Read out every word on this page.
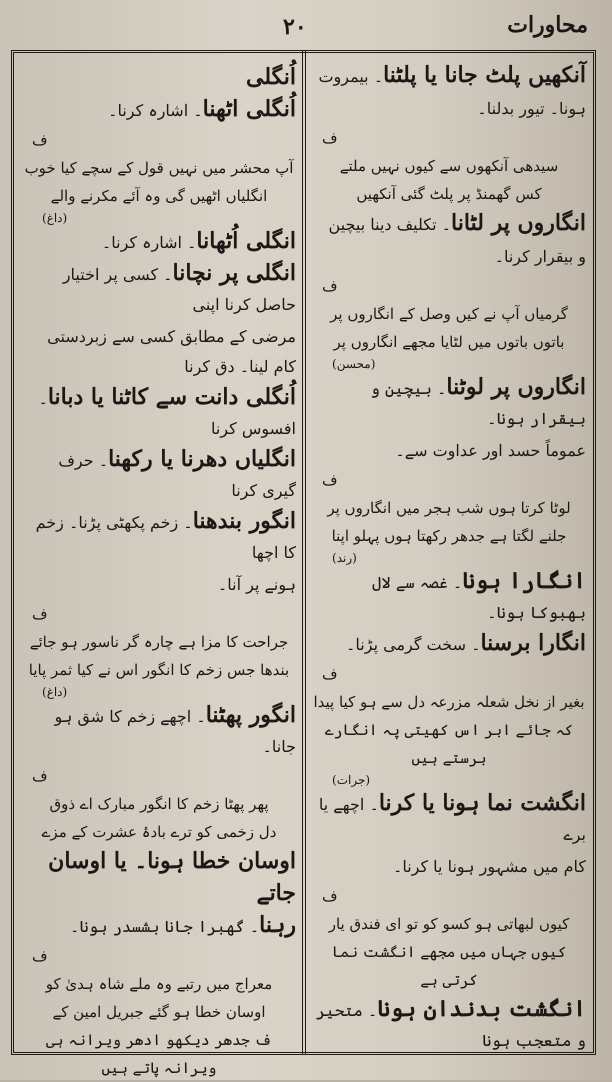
٢٠	محاورات
آنکھیں پلٹ جانا یا پلٹنا۔ بیمروت
ہونا۔ تیور بدلنا۔
ف
سیدھی آنکھوں سے کیوں نہیں ملتے
کس گھمنڈ پر پلٹ گئی آنکھیں
انگاروں پر لٹانا۔ تکلیف دینا بیچین
و بیقرار کرنا۔
ف
گرمیاں آپ نے کیں وصل کے انگاروں پر
باتوں باتوں میں لٹایا مجھے انگاروں پر
(محسن)
انگاروں پر لوٹنا۔ بیچین و بیقرار ہونا۔
عموماً حسد اور عداوت سے۔
ف
لوٹا کرتا ہوں شب ہجر میں انگاروں پر
جلنے لگتا ہے جدھر رکھتا ہوں پہلو اپنا
(رند)
انگارا ہونا۔ غصہ سے لال بھبوکا ہونا۔
انگارا برسنا۔ سخت گرمی پڑنا۔
ف
بغیر از نخل شعلہ مزرعہ دل سے ہو کیا پیدا
کہ جائے ابر اس کھیتی پہ انگارے برستے ہیں
(جرات)
انگشت نما ہونا یا کرنا۔ اچھے یا برے
کام میں مشہور ہونا یا کرنا۔
ف
کیوں لبھاتی ہو کسو کو تو ای فندق یار
کیوں جہاں میں مجھے انگشت نما کرتی ہے
انگشت بدندان ہونا۔ متحیر و متعجب ہونا
اُنگلی
اُنگلی اٹھنا۔ اشارہ کرنا۔
ف
آپ محشر میں نہیں قول کے سچے کیا خوب
انگلیاں اٹھیں گی وہ آئے مکرنے والے
(داغ)
انگلی اُٹھانا۔ اشارہ کرنا۔
انگلی پر نچانا۔ کسی پر اختیار حاصل کرنا اپنی
مرضی کے مطابق کسی سے زبردستی کام لینا۔ دق کرنا
اُنگلی دانت سے کاٹنا یا دبانا۔ افسوس کرنا
انگلیاں دھرنا یا رکھنا۔ حرف گیری کرنا
انگور بندھنا۔ زخم پکھٹی پڑنا۔ زخم کا اچھا
ہونے پر آنا۔
ف
جراحت کا مزا ہے چارہ گر ناسور ہو جائے
بندھا جس زخم کا انگور اس نے کیا ثمر پایا
(داغ)
انگور پھٹنا۔ اچھے زخم کا شق ہو جانا۔
ف
پھر پھٹا زخم کا انگور مبارک اے ذوق
دل زخمی کو ترے بادۂ عشرت کے مزے
اوسان خطا ہونا۔ یا اوسان جاتے
رہنا۔ گھبرا جانا بشسدر ہونا۔
ف
معراج میں رتبے وہ ملے شاہ ہدیٰ کو
اوسان خطا ہو گئے جبریل امین کے
ف جدھر دیکھو ادھر ویرانہ ہی ویرانہ پاتے ہیں
